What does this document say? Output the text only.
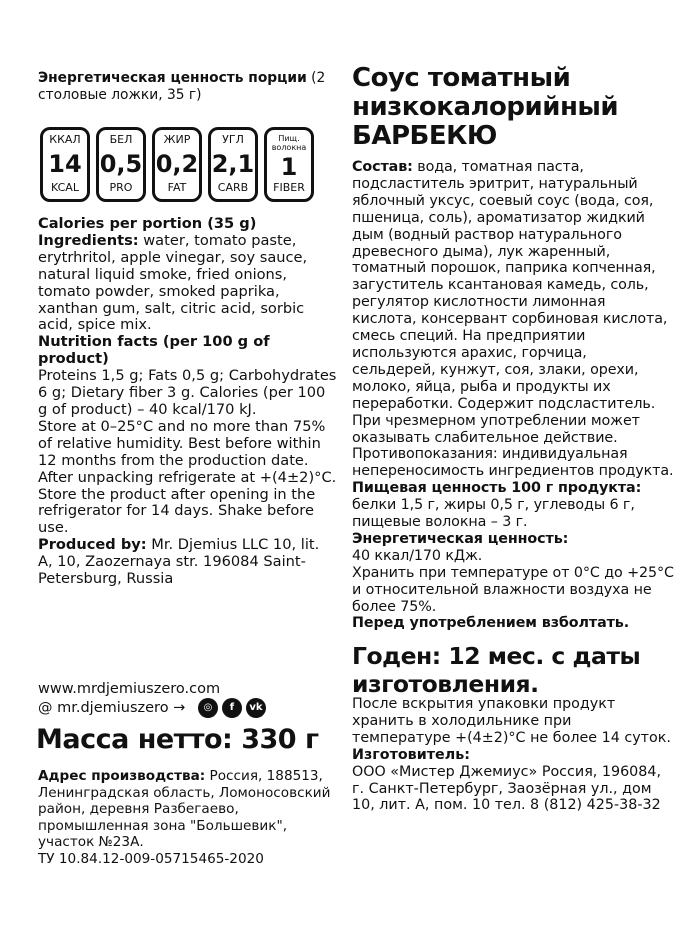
Энергетическая ценность порции (2 столовые ложки, 35 г)
ККАЛ
14
KCAL
БЕЛ
0,5
PRO
ЖИР
0,2
FAT
УГЛ
2,1
CARB
Пищ. волокна
1
FIBER

Calories per portion (35 g)

Ingredients: water, tomato paste, erytrhritol, apple vinegar, soy sauce, natural liquid smoke, fried onions, tomato powder, smoked paprika, xanthan gum, salt, citric acid, sorbic acid, spice mix.

Nutrition facts (per 100 g of product)

Proteins 1,5 g; Fats 0,5 g; Carbohydrates 6 g; Dietary fiber 3 g. Calories (per 100 g of product) – 40 kcal/170 kJ.

Store at 0–25°C and no more than 75% of relative humidity. Best before within 12 months from the production date. After unpacking refrigerate at +(4±2)°C. Store the product after opening in the refrigerator for 14 days. Shake before use.

Produced by: Mr. Djemius LLC 10, lit. A, 10, Zaozernaya str. 196084 Saint-Petersburg, Russia

www.mrdjemiuszero.com
@ mr.djemiuszero →	◎	f	vk
Масса нетто: 330 г

Адрес производства: Россия, 188513, Ленинградская область, Ломоносовский район, деревня Разбегаево, промышленная зона "Большевик", участок №23А.

ТУ 10.84.12-009-05715465-2020

Соус томатный низкокалорийный БАРБЕКЮ

Состав: вода, томатная паста, подсластитель эритрит, натуральный яблочный уксус, соевый соус (вода, соя, пшеница, соль), ароматизатор жидкий дым (водный раствор натурального древесного дыма), лук жаренный, томатный порошок, паприка копченная, загуститель ксантановая камедь, соль, регулятор кислотности лимонная кислота, консервант сорбиновая кислота, смесь специй. На предприятии используются арахис, горчица, сельдерей, кунжут, соя, злаки, орехи, молоко, яйца, рыба и продукты их переработки. Содержит подсластитель. При чрезмерном употреблении может оказывать слабительное действие. Противопоказания: индивидуальная непереносимость ингредиентов продукта.

Пищевая ценность 100 г продукта: белки 1,5 г, жиры 0,5 г, углеводы 6 г, пищевые волокна – 3 г.

Энергетическая ценность:

40 ккал/170 кДж.

Хранить при температуре от 0°С до +25°С и относительной влажности воздуха не более 75%.

Перед употреблением взболтать.

Годен: 12 мес. с даты изготовления.

После вскрытия упаковки продукт хранить в холодильнике при температуре +(4±2)°С не более 14 суток.

Изготовитель:

ООО «Мистер Джемиус» Россия, 196084, г. Санкт-Петербург, Заозёрная ул., дом 10, лит. А, пом. 10 тел. 8 (812) 425-38-32
